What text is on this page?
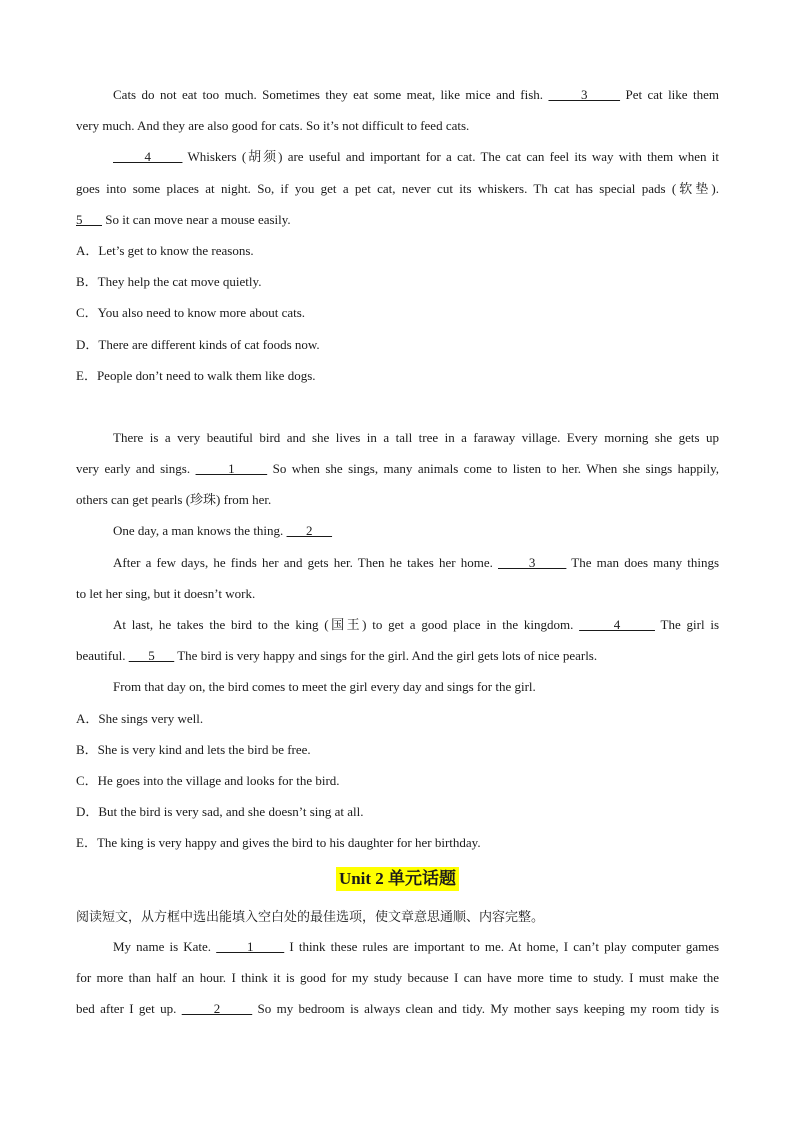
Cats do not eat too much. Sometimes they eat some meat, like mice and fish.       3       Pet cat like them
very much. And they are also good for cats. So it’s not difficult to feed cats.
4       Whiskers (胡须) are useful and important for a cat. The cat can feel its way with them when it
goes into some places at night. So, if you get a pet cat, never cut its whiskers. Th cat has special pads (软垫).
5       So it can move near a mouse easily.
A．Let’s get to know the reasons.
B．They help the cat move quietly.
C．You also need to know more about cats.
D．There are different kinds of cat foods now.
E．People don’t need to walk them like dogs.
There is a very beautiful bird and she lives in a tall tree in a faraway village. Every morning she gets up
very early and sings.       1       So when she sings, many animals come to listen to her. When she sings happily,
others can get pearls (珍珠) from her.
One day, a man knows the thing.       2
After a few days, he finds her and gets her. Then he takes her home.       3       The man does many things
to let her sing, but it doesn’t work.
At last, he takes the bird to the king (国王) to get a good place in the kingdom.       4       The girl is
beautiful.       5       The bird is very happy and sings for the girl. And the girl gets lots of nice pearls.
From that day on, the bird comes to meet the girl every day and sings for the girl.
A．She sings very well.
B．She is very kind and lets the bird be free.
C．He goes into the village and looks for the bird.
D．But the bird is very sad, and she doesn’t sing at all.
E．The king is very happy and gives the bird to his daughter for her birthday.
Unit 2 单元话题
阅读短文，从方框中选出能填入空白处的最佳选项，使文章意思通顺、内容完整。
My name is Kate.       1       I think these rules are important to me. At home, I can’t play computer games
for more than half an hour. I think it is good for my study because I can have more time to study. I must make the
bed after I get up.       2       So my bedroom is always clean and tidy. My mother says keeping my room tidy is
